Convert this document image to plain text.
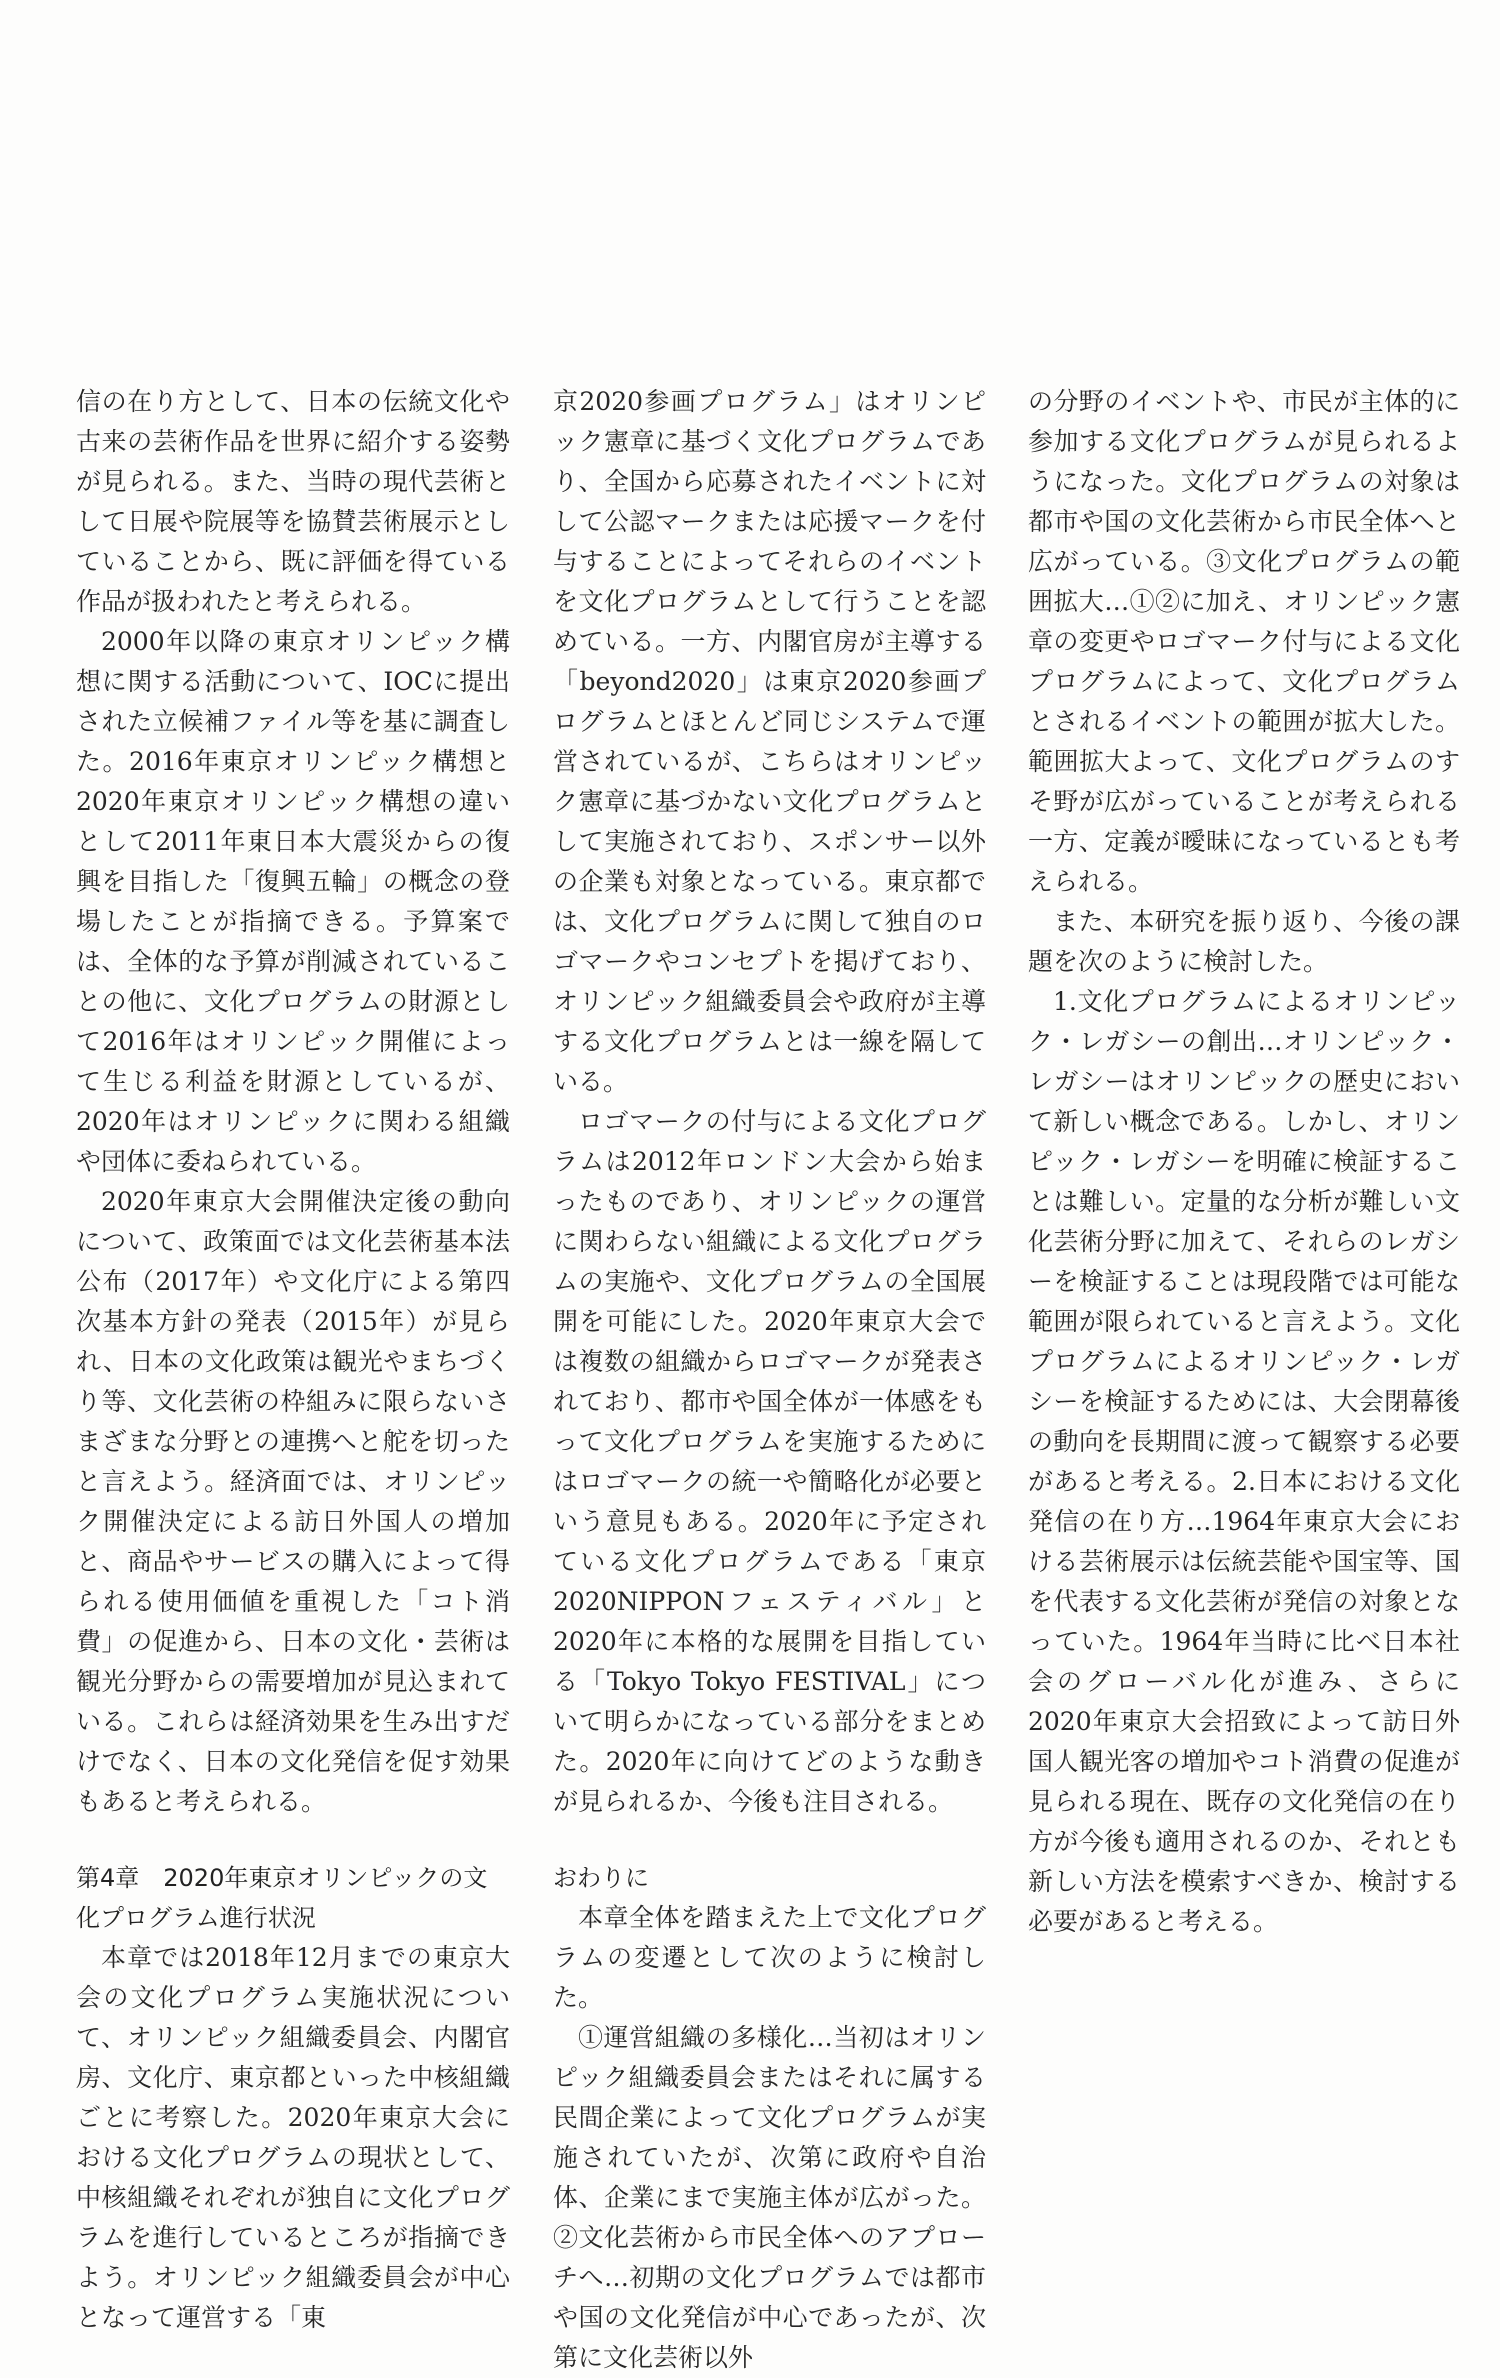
信の在り方として、日本の伝統文化や古来の芸術作品を世界に紹介する姿勢が見られる。また、当時の現代芸術として日展や院展等を協賛芸術展示としていることから、既に評価を得ている作品が扱われたと考えられる。

2000年以降の東京オリンピック構想に関する活動について、IOCに提出された立候補ファイル等を基に調査した。2016年東京オリンピック構想と2020年東京オリンピック構想の違いとして2011年東日本大震災からの復興を目指した「復興五輪」の概念の登場したことが指摘できる。予算案では、全体的な予算が削減されていることの他に、文化プログラムの財源として2016年はオリンピック開催によって生じる利益を財源としているが、2020年はオリンピックに関わる組織や団体に委ねられている。

2020年東京大会開催決定後の動向について、政策面では文化芸術基本法公布（2017年）や文化庁による第四次基本方針の発表（2015年）が見られ、日本の文化政策は観光やまちづくり等、文化芸術の枠組みに限らないさまざまな分野との連携へと舵を切ったと言えよう。経済面では、オリンピック開催決定による訪日外国人の増加と、商品やサービスの購入によって得られる使用価値を重視した「コト消費」の促進から、日本の文化・芸術は観光分野からの需要増加が見込まれている。これらは経済効果を生み出すだけでなく、日本の文化発信を促す効果もあると考えられる。

第4章　2020年東京オリンピックの文化プログラム進行状況

本章では2018年12月までの東京大会の文化プログラム実施状況について、オリンピック組織委員会、内閣官房、文化庁、東京都といった中核組織ごとに考察した。2020年東京大会における文化プログラムの現状として、中核組織それぞれが独自に文化プログラムを進行しているところが指摘できよう。オリンピック組織委員会が中心となって運営する「東

京2020参画プログラム」はオリンピック憲章に基づく文化プログラムであり、全国から応募されたイベントに対して公認マークまたは応援マークを付与することによってそれらのイベントを文化プログラムとして行うことを認めている。一方、内閣官房が主導する「beyond2020」は東京2020参画プログラムとほとんど同じシステムで運営されているが、こちらはオリンピック憲章に基づかない文化プログラムとして実施されており、スポンサー以外の企業も対象となっている。東京都では、文化プログラムに関して独自のロゴマークやコンセプトを掲げており、オリンピック組織委員会や政府が主導する文化プログラムとは一線を隔している。

ロゴマークの付与による文化プログラムは2012年ロンドン大会から始まったものであり、オリンピックの運営に関わらない組織による文化プログラムの実施や、文化プログラムの全国展開を可能にした。2020年東京大会では複数の組織からロゴマークが発表されており、都市や国全体が一体感をもって文化プログラムを実施するためにはロゴマークの統一や簡略化が必要という意見もある。2020年に予定されている文化プログラムである「東京2020NIPPONフェスティバル」と2020年に本格的な展開を目指している「Tokyo Tokyo FESTIVAL」について明らかになっている部分をまとめた。2020年に向けてどのような動きが見られるか、今後も注目される。

おわりに

本章全体を踏まえた上で文化プログラムの変遷として次のように検討した。

①運営組織の多様化…当初はオリンピック組織委員会またはそれに属する民間企業によって文化プログラムが実施されていたが、次第に政府や自治体、企業にまで実施主体が広がった。②文化芸術から市民全体へのアプローチへ…初期の文化プログラムでは都市や国の文化発信が中心であったが、次第に文化芸術以外

の分野のイベントや、市民が主体的に参加する文化プログラムが見られるようになった。文化プログラムの対象は都市や国の文化芸術から市民全体へと広がっている。③文化プログラムの範囲拡大…①②に加え、オリンピック憲章の変更やロゴマーク付与による文化プログラムによって、文化プログラムとされるイベントの範囲が拡大した。範囲拡大よって、文化プログラムのすそ野が広がっていることが考えられる一方、定義が曖昧になっているとも考えられる。

また、本研究を振り返り、今後の課題を次のように検討した。

1.文化プログラムによるオリンピック・レガシーの創出…オリンピック・レガシーはオリンピックの歴史において新しい概念である。しかし、オリンピック・レガシーを明確に検証することは難しい。定量的な分析が難しい文化芸術分野に加えて、それらのレガシーを検証することは現段階では可能な範囲が限られていると言えよう。文化プログラムによるオリンピック・レガシーを検証するためには、大会閉幕後の動向を長期間に渡って観察する必要があると考える。2.日本における文化発信の在り方…1964年東京大会における芸術展示は伝統芸能や国宝等、国を代表する文化芸術が発信の対象となっていた。1964年当時に比べ日本社会のグローバル化が進み、さらに2020年東京大会招致によって訪日外国人観光客の増加やコト消費の促進が見られる現在、既存の文化発信の在り方が今後も適用されるのか、それとも新しい方法を模索すべきか、検討する必要があると考える。
